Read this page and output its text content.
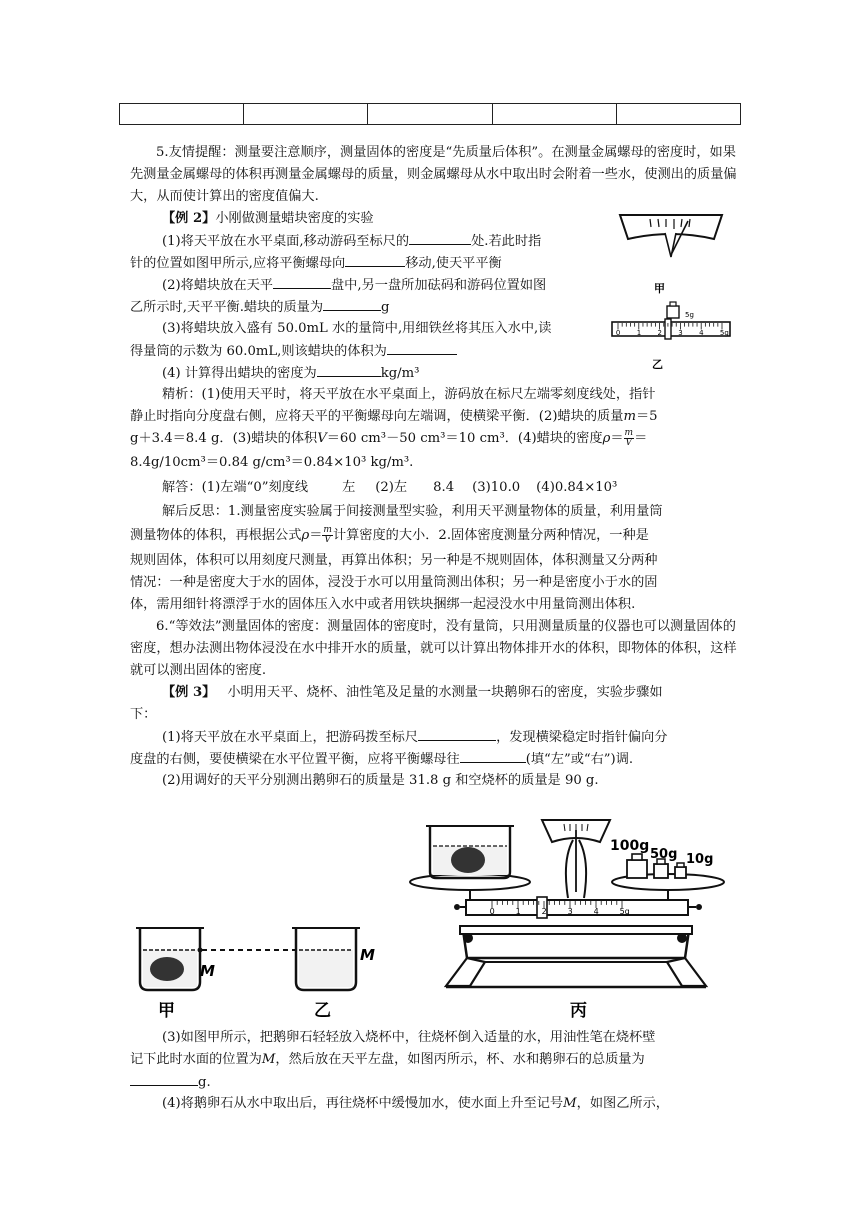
5.友情提醒：测量要注意顺序，测量固体的密度是“先质量后体积”。在测量金属螺母的密度时，如果先测量金属螺母的体积再测量金属螺母的质量，则金属螺母从水中取出时会附着一些水，使测出的质量偏大，从而使计算出的密度值偏大.
【例 2】小刚做测量蜡块密度的实验
(1)将天平放在水平桌面,移动游码至标尺的	处.若此时指
针的位置如图甲所示,应将平衡螺母向	移动,使天平平衡
(2)将蜡块放在天平	盘中,另一盘所加砝码和游码位置如图
乙所示时,天平平衡.蜡块的质量为	g
(3)将蜡块放入盛有 50.0mL 水的量筒中,用细铁丝将其压入水中,读
得量筒的示数为 60.0mL,则该蜡块的体积为
(4) 计算得出蜡块的密度为	kg/m³
甲
5g
0 1 2 3 4 5g
乙
精析：(1)使用天平时，将天平放在水平桌面上，游码放在标尺左端零刻度线处，指针
静止时指向分度盘右侧，应将天平的平衡螺母向左端调，使横梁平衡．(2)蜡块的质量m＝5
g＋3.4＝8.4 g．(3)蜡块的体积V＝60 cm³－50 cm³＝10 cm³．(4)蜡块的密度$\rho= \frac{m}{V}$ ＝
8.4g/10cm³＝0.84 g/cm³＝0.84×10³ kg/m³.
解答：(1)左端“0”刻度线	左 (2)左 8.4 (3)10.0 (4)0.84×10³
解后反思：1.测量密度实验属于间接测量型实验，利用天平测量物体的质量，利用量筒
测量物体的体积，再根据公式$\rho= \frac{m}{V}$ 计算密度的大小．2.固体密度测量分两种情况，一种是
规则固体，体积可以用刻度尺测量，再算出体积；另一种是不规则固体，体积测量又分两种
情况：一种是密度大于水的固体，浸没于水可以用量筒测出体积；另一种是密度小于水的固
体，需用细针将漂浮于水的固体压入水中或者用铁块捆绑一起浸没水中用量筒测出体积.
6.“等效法”测量固体的密度：测量固体的密度时，没有量筒，只用测量质量的仪器也可以测量固体的密度，想办法测出物体浸没在水中排开水的质量，就可以计算出物体排开水的体积，即物体的体积，这样就可以测出固体的密度.
【例 3】 小明用天平、烧杯、油性笔及足量的水测量一块鹅卵石的密度，实验步骤如
下：
(1)将天平放在水平桌面上，把游码拨至标尺	，发现横梁稳定时指针偏向分
度盘的右侧，要使横梁在水平位置平衡，应将平衡螺母往	(填“左”或“右”)调.
(2)用调好的天平分别测出鹅卵石的质量是 31.8 g 和空烧杯的质量是 90 g.
M
M
甲	乙	丙
100g
50g 10g
0	1	2	3	4	5g
(3)如图甲所示，把鹅卵石轻轻放入烧杯中，往烧杯倒入适量的水，用油性笔在烧杯壁
记下此时水面的位置为M，然后放在天平左盘，如图丙所示，杯、水和鹅卵石的总质量为
g.
(4)将鹅卵石从水中取出后，再往烧杯中缓慢加水，使水面上升至记号M，如图乙所示，
